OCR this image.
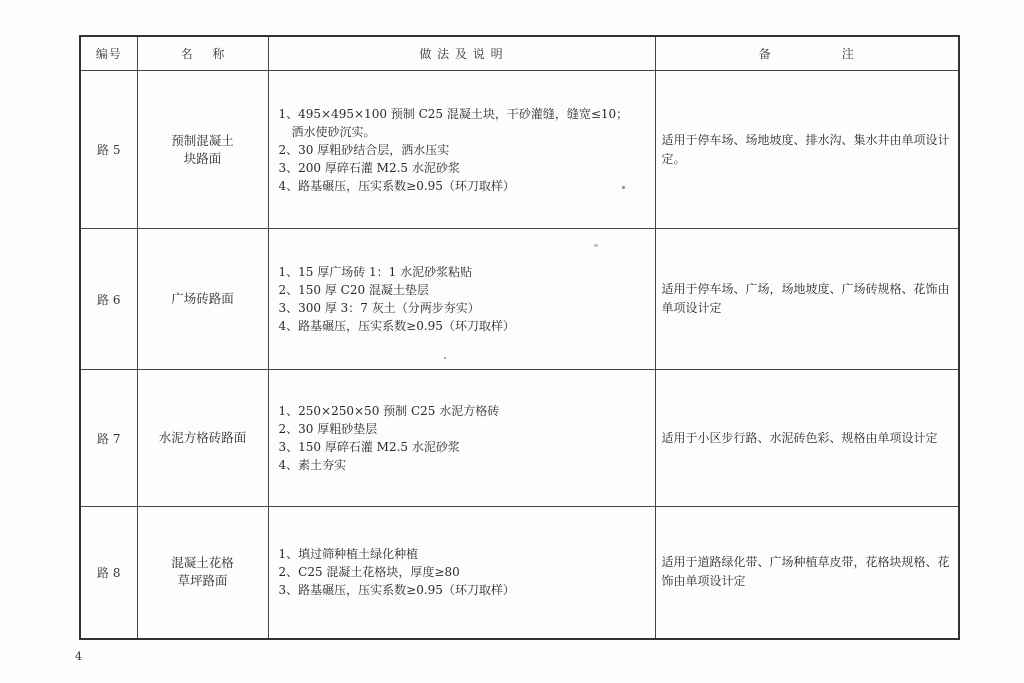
编号	名 称	做 法 及 说 明	备 注

路 5	预制混凝土
块路面	1、495×495×100 预制 C25 混凝土块，干砂灌缝，缝宽≤10；
洒水使砂沉实。
2、30 厚粗砂结合层，洒水压实
3、200 厚碎石灌 M2.5 水泥砂浆
4、路基碾压，压实系数≥0.95（环刀取样）	适用于停车场、场地坡度、排水沟、集水井由单项设计定。
路 6	广场砖路面	1、15 厚广场砖 1：1 水泥砂浆粘贴
2、150 厚 C20 混凝土垫层
3、300 厚 3：7 灰土（分两步夯实）
4、路基碾压，压实系数≥0.95（环刀取样）	适用于停车场、广场，场地坡度、广场砖规格、花饰由单项设计定
路 7	水泥方格砖路面	1、250×250×50 预制 C25 水泥方格砖
2、30 厚粗砂垫层
3、150 厚碎石灌 M2.5 水泥砂浆
4、素土夯实	适用于小区步行路、水泥砖色彩、规格由单项设计定
路 8	混凝土花格
草坪路面	1、填过筛种植土绿化种植
2、C25 混凝土花格块，厚度≥80
3、路基碾压，压实系数≥0.95（环刀取样）	适用于道路绿化带、广场种植草皮带，花格块规格、花饰由单项设计定
4
